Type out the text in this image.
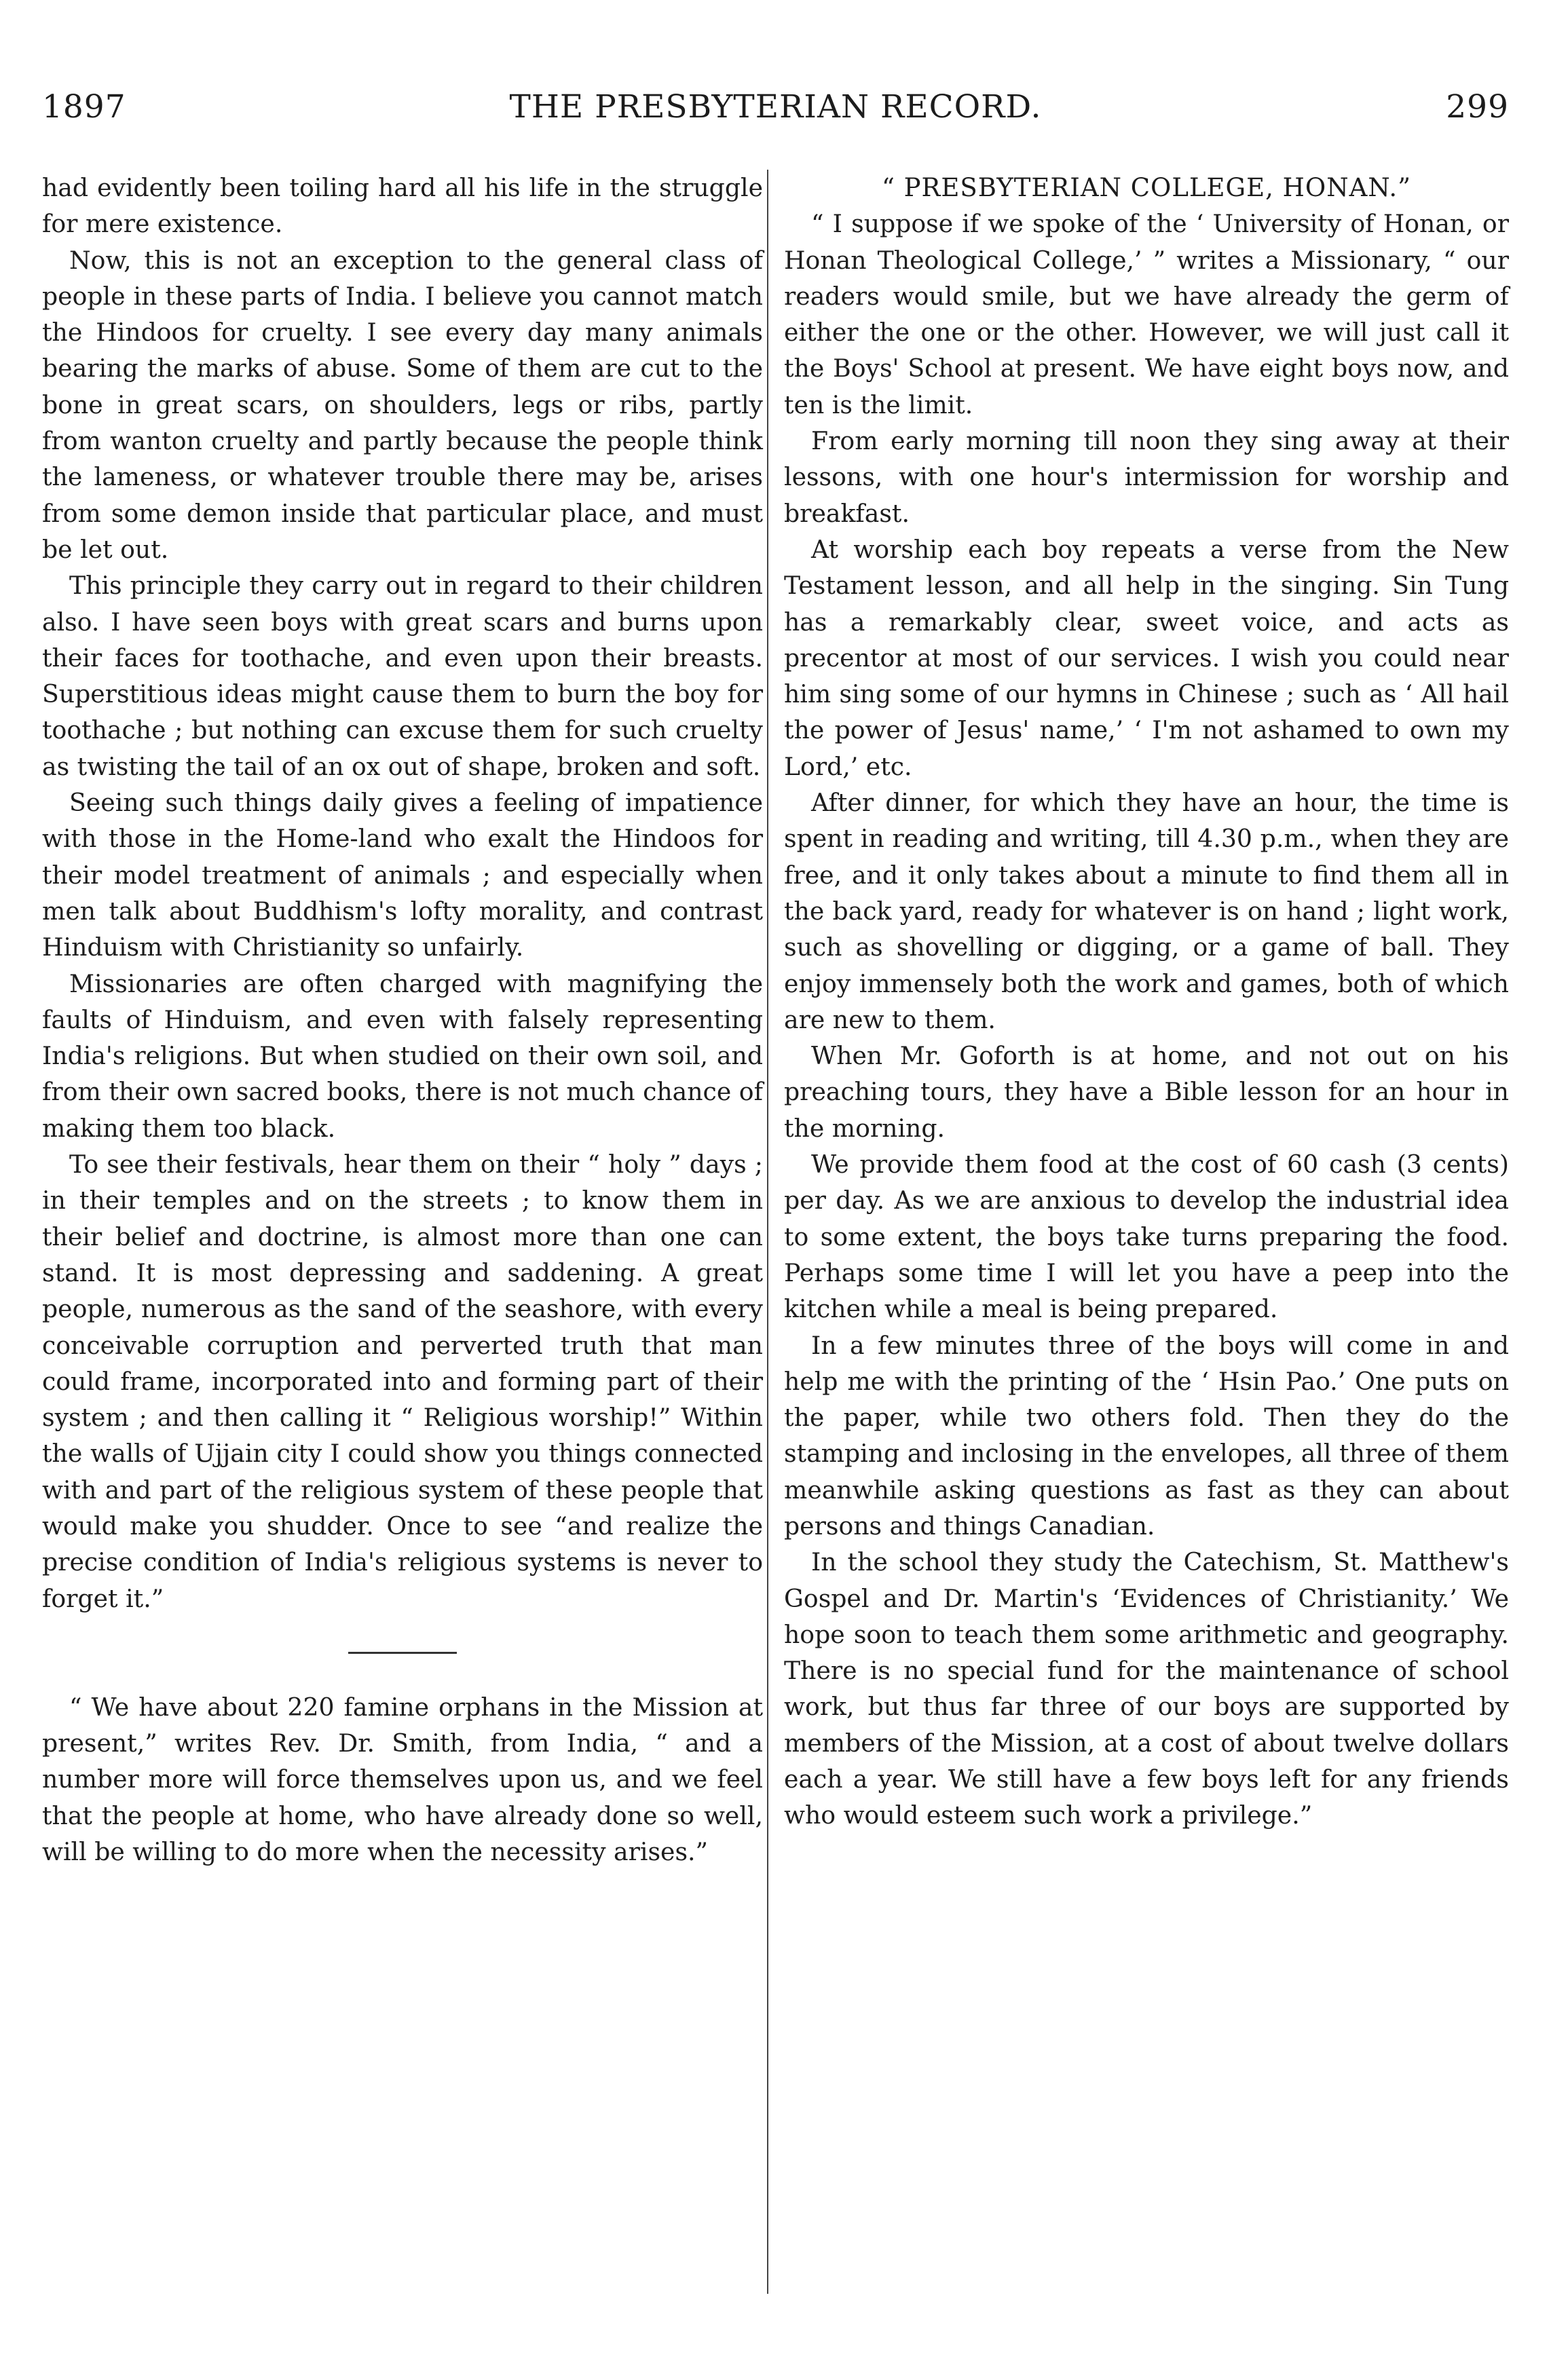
1897	THE PRESBYTERIAN RECORD.	299

had evidently been toiling hard all his life in the struggle for mere existence.

Now, this is not an exception to the general class of people in these parts of India. I believe you cannot match the Hindoos for cruelty. I see every day many animals bearing the marks of abuse. Some of them are cut to the bone in great scars, on shoulders, legs or ribs, partly from wanton cruelty and partly because the people think the lameness, or whatever trouble there may be, arises from some demon inside that particular place, and must be let out.

This principle they carry out in regard to their children also. I have seen boys with great scars and burns upon their faces for toothache, and even upon their breasts. Superstitious ideas might cause them to burn the boy for toothache ; but nothing can excuse them for such cruelty as twisting the tail of an ox out of shape, broken and soft.

Seeing such things daily gives a feeling of impatience with those in the Home-land who exalt the Hindoos for their model treatment of animals ; and especially when men talk about Buddhism's lofty morality, and contrast Hinduism with Christianity so unfairly.

Missionaries are often charged with magnifying the faults of Hinduism, and even with falsely representing India's religions. But when studied on their own soil, and from their own sacred books, there is not much chance of making them too black.

To see their festivals, hear them on their “ holy ” days ; in their temples and on the streets ; to know them in their belief and doctrine, is almost more than one can stand. It is most depressing and saddening. A great people, numerous as the sand of the seashore, with every conceivable corruption and perverted truth that man could frame, incorporated into and forming part of their system ; and then calling it “ Religious worship!” Within the walls of Ujjain city I could show you things connected with and part of the religious system of these people that would make you shudder. Once to see “and realize the precise condition of India's religious systems is never to forget it.”

“ We have about 220 famine orphans in the Mission at present,” writes Rev. Dr. Smith, from India, “ and a number more will force themselves upon us, and we feel that the people at home, who have already done so well, will be willing to do more when the necessity arises.”

“ PRESBYTERIAN COLLEGE, HONAN.”

“ I suppose if we spoke of the ‘ University of Honan, or Honan Theological College,’ ” writes a Missionary, “ our readers would smile, but we have already the germ of either the one or the other. However, we will just call it the Boys' School at present. We have eight boys now, and ten is the limit.

From early morning till noon they sing away at their lessons, with one hour's intermission for worship and breakfast.

At worship each boy repeats a verse from the New Testament lesson, and all help in the singing. Sin Tung has a remarkably clear, sweet voice, and acts as precentor at most of our services. I wish you could near him sing some of our hymns in Chinese ; such as ‘ All hail the power of Jesus' name,’ ‘ I'm not ashamed to own my Lord,’ etc.

After dinner, for which they have an hour, the time is spent in reading and writing, till 4.30 p.m., when they are free, and it only takes about a minute to find them all in the back yard, ready for whatever is on hand ; light work, such as shovelling or digging, or a game of ball. They enjoy immensely both the work and games, both of which are new to them.

When Mr. Goforth is at home, and not out on his preaching tours, they have a Bible lesson for an hour in the morning.

We provide them food at the cost of 60 cash (3 cents) per day. As we are anxious to develop the industrial idea to some extent, the boys take turns preparing the food. Perhaps some time I will let you have a peep into the kitchen while a meal is being prepared.

In a few minutes three of the boys will come in and help me with the printing of the ‘ Hsin Pao.’ One puts on the paper, while two others fold. Then they do the stamping and inclosing in the envelopes, all three of them meanwhile asking questions as fast as they can about persons and things Canadian.

In the school they study the Catechism, St. Matthew's Gospel and Dr. Martin's ‘Evidences of Christianity.’ We hope soon to teach them some arithmetic and geography. There is no special fund for the maintenance of school work, but thus far three of our boys are supported by members of the Mission, at a cost of about twelve dollars each a year. We still have a few boys left for any friends who would esteem such work a privilege.”
